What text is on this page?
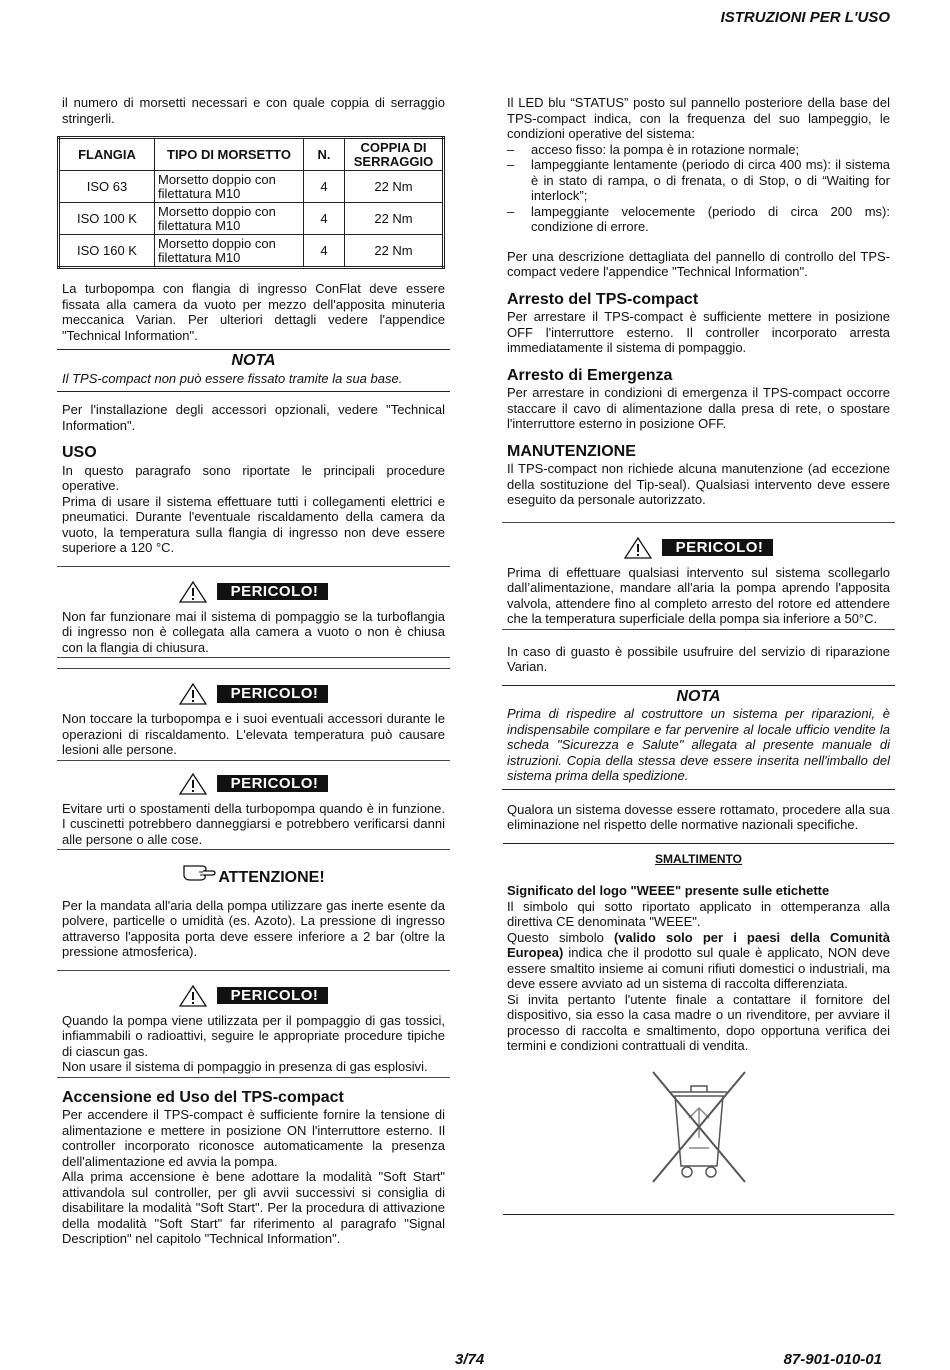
ISTRUZIONI PER L'USO

il numero di morsetti necessari e con quale coppia di serraggio stringerli.

FLANGIA	TIPO DI MORSETTO	N.	COPPIA DI SERRAGGIO
ISO 63	Morsetto doppio con filettatura M10	4	22 Nm
ISO 100 K	Morsetto doppio con filettatura M10	4	22 Nm
ISO 160 K	Morsetto doppio con filettatura M10	4	22 Nm

La turbopompa con flangia di ingresso ConFlat deve essere fissata alla camera da vuoto per mezzo dell'apposita minuteria meccanica Varian. Per ulteriori dettagli vedere l'appendice "Technical Information".

NOTA
Il TPS-compact non può essere fissato tramite la sua base.

Per l'installazione degli accessori opzionali, vedere "Technical Information".

USO

In questo paragrafo sono riportate le principali procedure operative.

Prima di usare il sistema effettuare tutti i collegamenti elettrici e pneumatici. Durante l'eventuale riscaldamento della camera da vuoto, la temperatura sulla flangia di ingresso non deve essere superiore a 120 °C.

PERICOLO!

Non far funzionare mai il sistema di pompaggio se la turboflangia di ingresso non è collegata alla camera a vuoto o non è chiusa con la flangia di chiusura.

PERICOLO!

Non toccare la turbopompa e i suoi eventuali accessori durante le operazioni di riscaldamento. L'elevata temperatura può causare lesioni alle persone.

PERICOLO!

Evitare urti o spostamenti della turbopompa quando è in funzione. I cuscinetti potrebbero danneggiarsi e potrebbero verificarsi danni alle persone o alle cose.

ATTENZIONE!

Per la mandata all'aria della pompa utilizzare gas inerte esente da polvere, particelle o umidità (es. Azoto). La pressione di ingresso attraverso l'apposita porta deve essere inferiore a 2 bar (oltre la pressione atmosferica).

PERICOLO!

Quando la pompa viene utilizzata per il pompaggio di gas tossici, infiammabili o radioattivi, seguire le appropriate procedure tipiche di ciascun gas.

Non usare il sistema di pompaggio in presenza di gas esplosivi.

Accensione ed Uso del TPS-compact

Per accendere il TPS-compact è sufficiente fornire la tensione di alimentazione e mettere in posizione ON l'interruttore esterno. Il controller incorporato riconosce automaticamente la presenza dell'alimentazione ed avvia la pompa.

Alla prima accensione è bene adottare la modalità "Soft Start" attivandola sul controller, per gli avvii successivi si consiglia di disabilitare la modalità "Soft Start". Per la procedura di attivazione della modalità "Soft Start" far riferimento al paragrafo "Signal Description" nel capitolo "Technical Information".

Il LED blu “STATUS” posto sul pannello posteriore della base del TPS-compact indica, con la frequenza del suo lampeggio, le condizioni operative del sistema:

– acceso fisso: la pompa è in rotazione normale;
– lampeggiante lentamente (periodo di circa 400 ms): il sistema è in stato di rampa, o di frenata, o di Stop, o di “Waiting for interlock”;
– lampeggiante velocemente (periodo di circa 200 ms): condizione di errore.

Per una descrizione dettagliata del pannello di controllo del TPS-compact vedere l'appendice "Technical Information".

Arresto del TPS-compact

Per arrestare il TPS-compact è sufficiente mettere in posizione OFF l'interruttore esterno. Il controller incorporato arresta immediatamente il sistema di pompaggio.

Arresto di Emergenza

Per arrestare in condizioni di emergenza il TPS-compact occorre staccare il cavo di alimentazione dalla presa di rete, o spostare l'interruttore esterno in posizione OFF.

MANUTENZIONE

Il TPS-compact non richiede alcuna manutenzione (ad eccezione della sostituzione del Tip-seal). Qualsiasi intervento deve essere eseguito da personale autorizzato.

PERICOLO!

Prima di effettuare qualsiasi intervento sul sistema scollegarlo dall’alimentazione, mandare all'aria la pompa aprendo l'apposita valvola, attendere fino al completo arresto del rotore ed attendere che la temperatura superficiale della pompa sia inferiore a 50°C.

In caso di guasto è possibile usufruire del servizio di riparazione Varian.

NOTA
Prima di rispedire al costruttore un sistema per riparazioni, è indispensabile compilare e far pervenire al locale ufficio vendite la scheda "Sicurezza e Salute" allegata al presente manuale di istruzioni. Copia della stessa deve essere inserita nell'imballo del sistema prima della spedizione.

Qualora un sistema dovesse essere rottamato, procedere alla sua eliminazione nel rispetto delle normative nazionali specifiche.

SMALTIMENTO

Significato del logo "WEEE" presente sulle etichette

Il simbolo qui sotto riportato applicato in ottemperanza alla direttiva CE denominata "WEEE".

Questo simbolo (valido solo per i paesi della Comunità Europea) indica che il prodotto sul quale è applicato, NON deve essere smaltito insieme ai comuni rifiuti domestici o industriali, ma deve essere avviato ad un sistema di raccolta differenziata.

Si invita pertanto l'utente finale a contattare il fornitore del dispositivo, sia esso la casa madre o un rivenditore, per avviare il processo di raccolta e smaltimento, dopo opportuna verifica dei termini e condizioni contrattuali di vendita.

3/74	87-901-010-01
